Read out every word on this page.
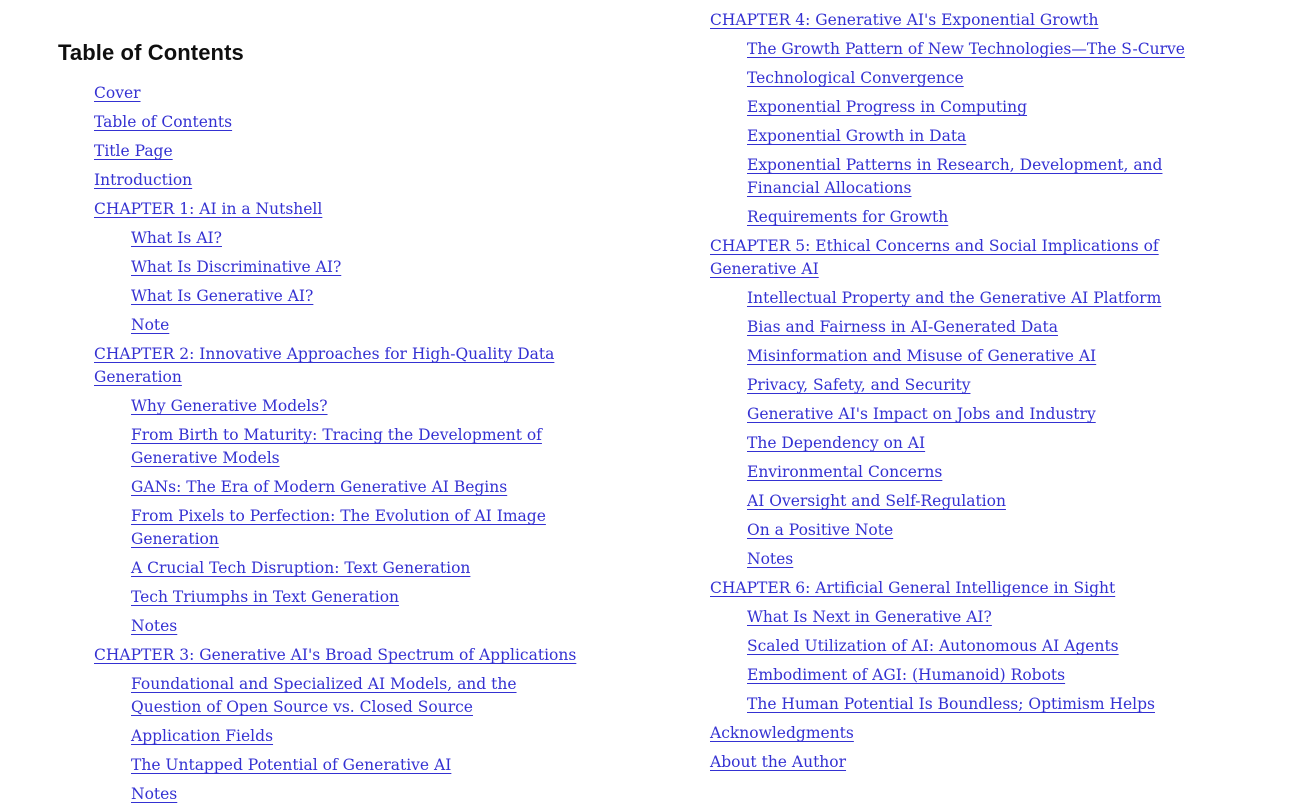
Table of Contents
Cover
Table of Contents
Title Page
Introduction
CHAPTER 1: AI in a Nutshell
What Is AI?
What Is Discriminative AI?
What Is Generative AI?
Note
CHAPTER 2: Innovative Approaches for High-Quality Data Generation
Why Generative Models?
From Birth to Maturity: Tracing the Development of Generative Models
GANs: The Era of Modern Generative AI Begins
From Pixels to Perfection: The Evolution of AI Image Generation
A Crucial Tech Disruption: Text Generation
Tech Triumphs in Text Generation
Notes
CHAPTER 3: Generative AI's Broad Spectrum of Applications
Foundational and Specialized AI Models, and the Question of Open Source vs. Closed Source
Application Fields
The Untapped Potential of Generative AI
Notes
CHAPTER 4: Generative AI's Exponential Growth
The Growth Pattern of New Technologies—The S-Curve
Technological Convergence
Exponential Progress in Computing
Exponential Growth in Data
Exponential Patterns in Research, Development, and Financial Allocations
Requirements for Growth
CHAPTER 5: Ethical Concerns and Social Implications of Generative AI
Intellectual Property and the Generative AI Platform
Bias and Fairness in AI-Generated Data
Misinformation and Misuse of Generative AI
Privacy, Safety, and Security
Generative AI's Impact on Jobs and Industry
The Dependency on AI
Environmental Concerns
AI Oversight and Self-Regulation
On a Positive Note
Notes
CHAPTER 6: Artificial General Intelligence in Sight
What Is Next in Generative AI?
Scaled Utilization of AI: Autonomous AI Agents
Embodiment of AGI: (Humanoid) Robots
The Human Potential Is Boundless; Optimism Helps
Acknowledgments
About the Author
